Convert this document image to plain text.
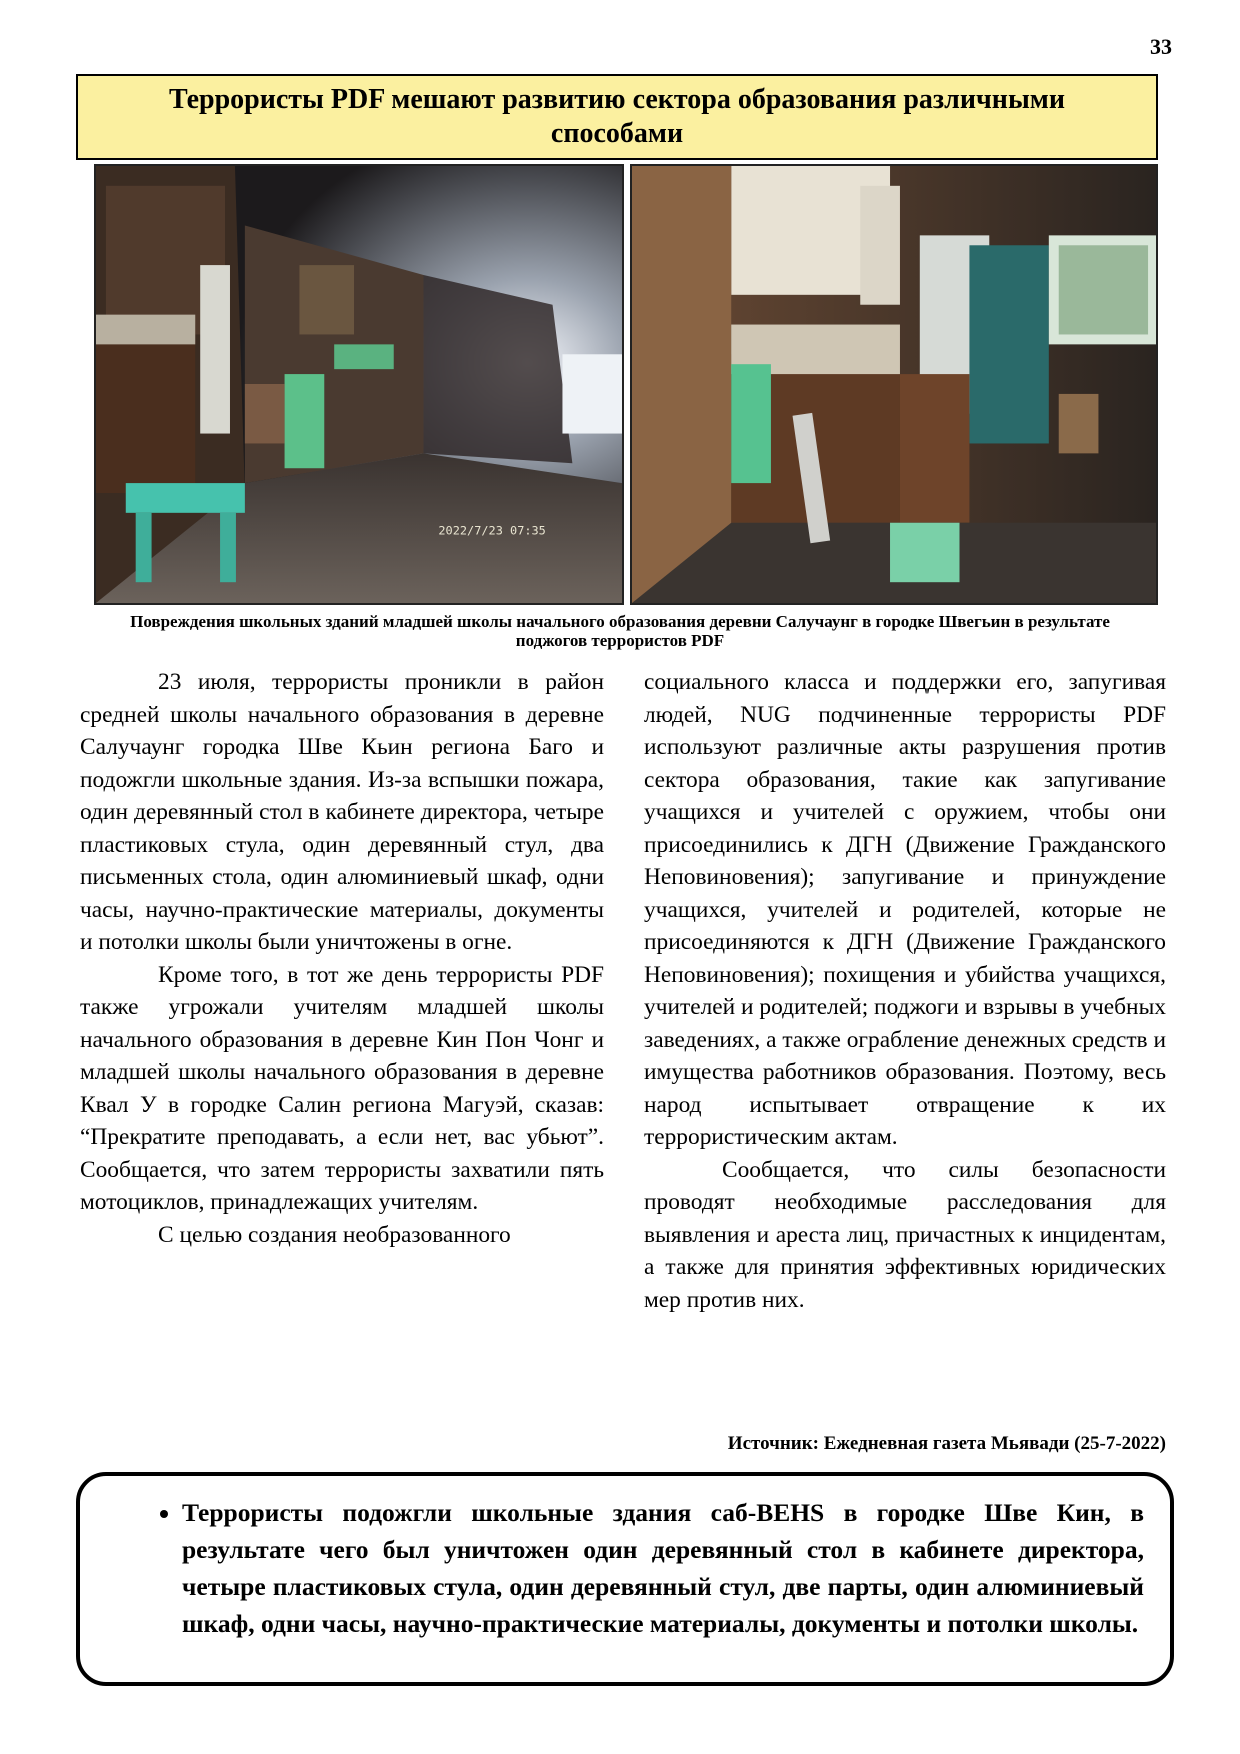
33
Террористы PDF мешают развитию сектора образования различными способами
2022/7/23 07:35
Повреждения школьных зданий младшей школы начального образования деревни Салучаунг в городке Швегьин в результате поджогов террористов PDF

23 июля, террористы проникли в район средней школы начального образования в деревне Салучаунг городка Шве Кьин региона Баго и подожгли школьные здания. Из-за вспышки пожара, один деревянный стол в кабинете директора, четыре пластиковых стула, один деревянный стул, два письменных стола, один алюминиевый шкаф, одни часы, научно-практические материалы, документы и потолки школы были уничтожены в огне.

Кроме того, в тот же день террористы PDF также угрожали учителям младшей школы начального образования в деревне Кин Пон Чонг и младшей школы начального образования в деревне Квал У в городке Салин региона Магуэй, сказав: “Прекратите преподавать, а если нет, вас убьют”. Сообщается, что затем террористы захватили пять мотоциклов, принадлежащих учителям.

С целью создания необразованного

социального класса и поддержки его, запугивая людей, NUG подчиненные террористы PDF используют различные акты разрушения против сектора образования, такие как запугивание учащихся и учителей с оружием, чтобы они присоединились к ДГН (Движение Гражданского Неповиновения); запугивание и принуждение учащихся, учителей и родителей, которые не присоединяются к ДГН (Движение Гражданского Неповиновения); похищения и убийства учащихся, учителей и родителей; поджоги и взрывы в учебных заведениях, а также ограбление денежных средств и имущества работников образования. Поэтому, весь народ испытывает отвращение к их террористическим актам.

Сообщается, что силы безопасности проводят необходимые расследования для выявления и ареста лиц, причастных к инцидентам, а также для принятия эффективных юридических мер против них.

Источник: Ежедневная газета Мьявади (25-7-2022)
• Террористы подожгли школьные здания саб-BEHS в городке Шве Кин, в результате чего был уничтожен один деревянный стол в кабинете директора, четыре пластиковых стула, один деревянный стул, две парты, один алюминиевый шкаф, одни часы, научно-практические материалы, документы и потолки школы.
